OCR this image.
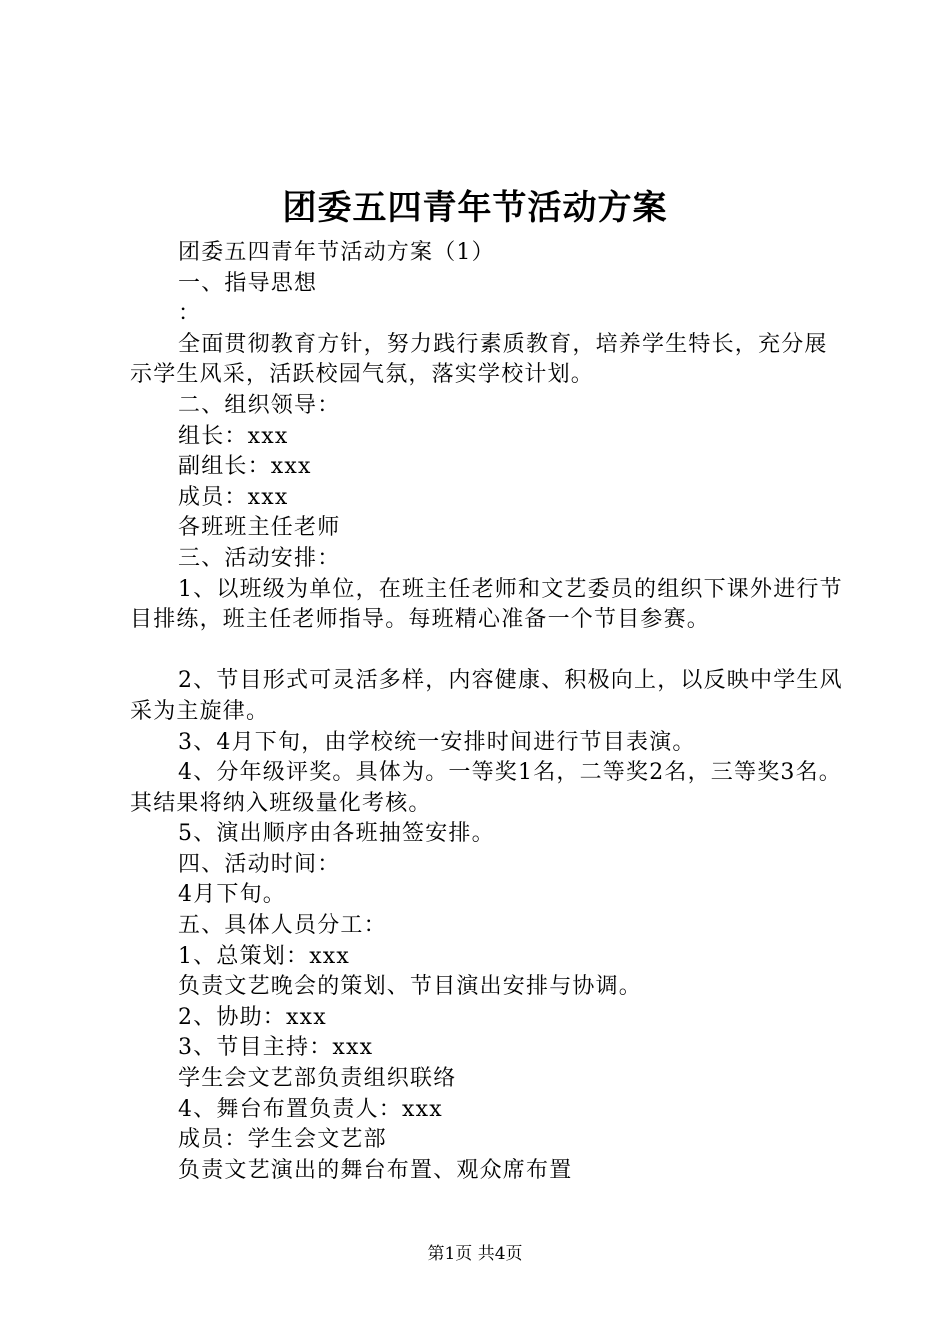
团委五四青年节活动方案

团委五四青年节活动方案（1）

一、指导思想

：

全面贯彻教育方针，努力践行素质教育，培养学生特长，充分展示学生风采，活跃校园气氛，落实学校计划。

二、组织领导：

组长：xxx

副组长：xxx

成员：xxx

各班班主任老师

三、活动安排：

1、以班级为单位，在班主任老师和文艺委员的组织下课外进行节目排练，班主任老师指导。每班精心准备一个节目参赛。

2、节目形式可灵活多样，内容健康、积极向上，以反映中学生风采为主旋律。

3、4月下旬，由学校统一安排时间进行节目表演。

4、分年级评奖。具体为。一等奖1名，二等奖2名，三等奖3名。其结果将纳入班级量化考核。

5、演出顺序由各班抽签安排。

四、活动时间：

4月下旬。

五、具体人员分工：

1、总策划：xxx

负责文艺晚会的策划、节目演出安排与协调。

2、协助：xxx

3、节目主持：xxx

学生会文艺部负责组织联络

4、舞台布置负责人：xxx

成员：学生会文艺部

负责文艺演出的舞台布置、观众席布置

第1页 共4页
